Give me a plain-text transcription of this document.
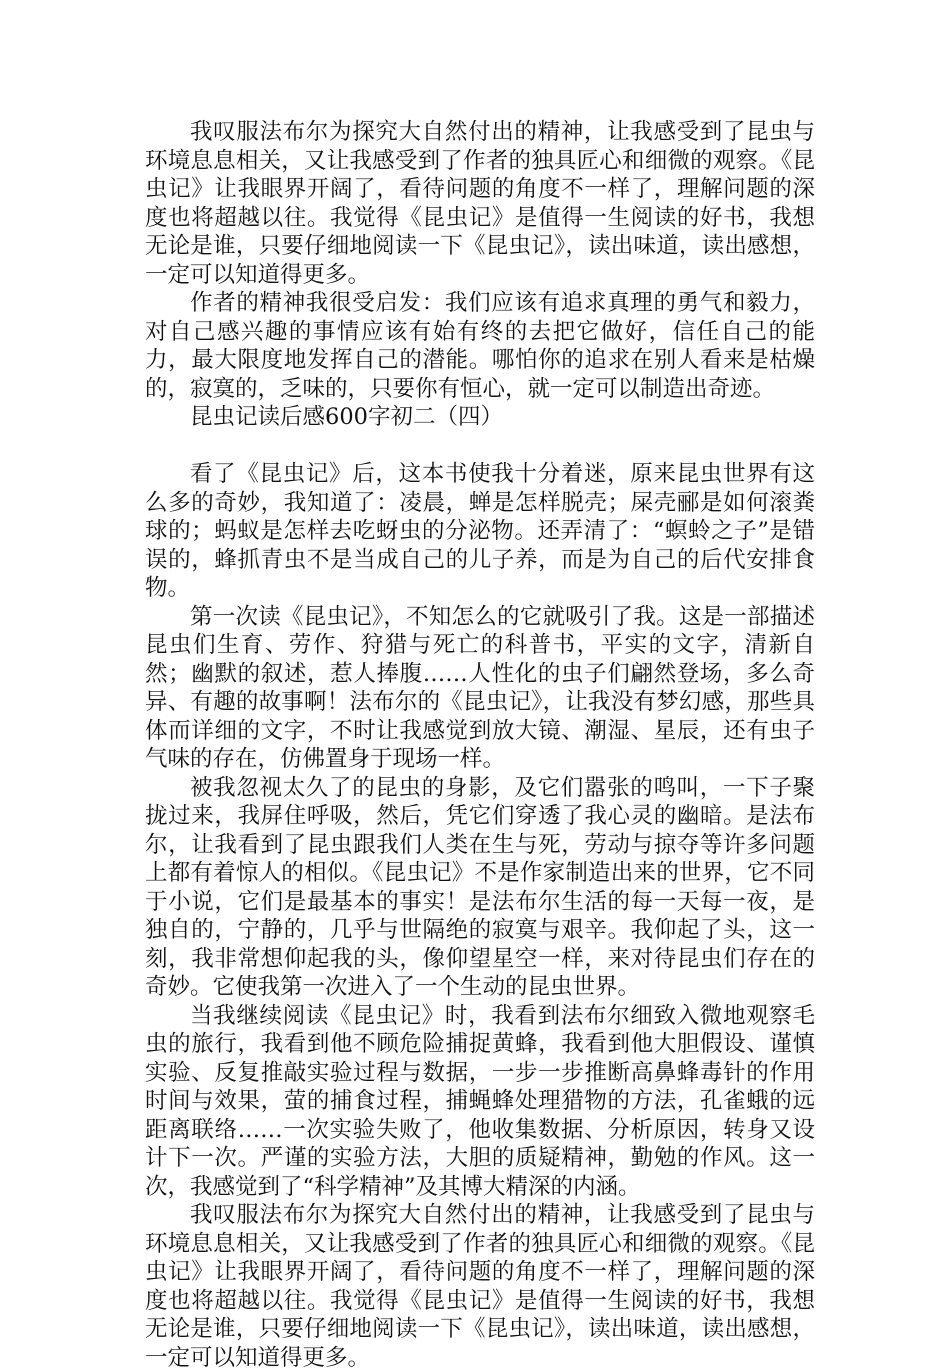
我叹服法布尔为探究大自然付出的精神，让我感受到了昆虫与环境息息相关，又让我感受到了作者的独具匠心和细微的观察。《昆虫记》让我眼界开阔了，看待问题的角度不一样了，理解问题的深度也将超越以往。我觉得《昆虫记》是值得一生阅读的好书，我想无论是谁，只要仔细地阅读一下《昆虫记》，读出味道，读出感想，一定可以知道得更多。

作者的精神我很受启发：我们应该有追求真理的勇气和毅力，对自己感兴趣的事情应该有始有终的去把它做好，信任自己的能力，最大限度地发挥自己的潜能。哪怕你的追求在别人看来是枯燥的，寂寞的，乏味的，只要你有恒心，就一定可以制造出奇迹。

昆虫记读后感600字初二（四）

看了《昆虫记》后，这本书使我十分着迷，原来昆虫世界有这么多的奇妙，我知道了：凌晨，蝉是怎样脱壳；屎壳郦是如何滚粪球的；蚂蚁是怎样去吃蚜虫的分泌物。还弄清了：“螟蛉之子”是错误的，蜂抓青虫不是当成自己的儿子养，而是为自己的后代安排食物。

第一次读《昆虫记》，不知怎么的它就吸引了我。这是一部描述昆虫们生育、劳作、狩猎与死亡的科普书，平实的文字，清新自然；幽默的叙述，惹人捧腹……人性化的虫子们翩然登场，多么奇异、有趣的故事啊！法布尔的《昆虫记》，让我没有梦幻感，那些具体而详细的文字，不时让我感觉到放大镜、潮湿、星辰，还有虫子气味的存在，仿佛置身于现场一样。

被我忽视太久了的昆虫的身影，及它们嚣张的鸣叫，一下子聚拢过来，我屏住呼吸，然后，凭它们穿透了我心灵的幽暗。是法布尔，让我看到了昆虫跟我们人类在生与死，劳动与掠夺等许多问题上都有着惊人的相似。《昆虫记》不是作家制造出来的世界，它不同于小说，它们是最基本的事实！是法布尔生活的每一天每一夜，是独自的，宁静的，几乎与世隔绝的寂寞与艰辛。我仰起了头，这一刻，我非常想仰起我的头，像仰望星空一样，来对待昆虫们存在的奇妙。它使我第一次进入了一个生动的昆虫世界。

当我继续阅读《昆虫记》时，我看到法布尔细致入微地观察毛虫的旅行，我看到他不顾危险捕捉黄蜂，我看到他大胆假设、谨慎实验、反复推敲实验过程与数据，一步一步推断高鼻蜂毒针的作用时间与效果，萤的捕食过程，捕蝇蜂处理猎物的方法，孔雀蛾的远距离联络……一次实验失败了，他收集数据、分析原因，转身又设计下一次。严谨的实验方法，大胆的质疑精神，勤勉的作风。这一次，我感觉到了“科学精神”及其博大精深的内涵。

我叹服法布尔为探究大自然付出的精神，让我感受到了昆虫与环境息息相关，又让我感受到了作者的独具匠心和细微的观察。《昆虫记》让我眼界开阔了，看待问题的角度不一样了，理解问题的深度也将超越以往。我觉得《昆虫记》是值得一生阅读的好书，我想无论是谁，只要仔细地阅读一下《昆虫记》，读出味道，读出感想，一定可以知道得更多。
